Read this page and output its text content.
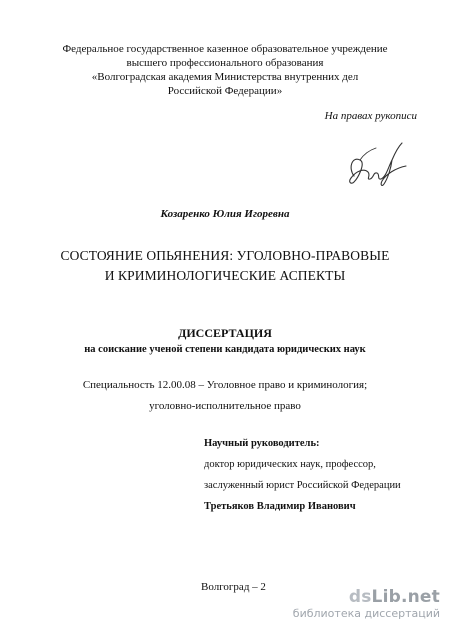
Федеральное государственное казенное образовательное учреждение
высшего профессионального образования
«Волгоградская академия Министерства внутренних дел
Российской Федерации»
На правах рукописи
Козаренко Юлия Игоревна
СОСТОЯНИЕ ОПЬЯНЕНИЯ: УГОЛОВНО-ПРАВОВЫЕ
И КРИМИНОЛОГИЧЕСКИЕ АСПЕКТЫ
ДИССЕРТАЦИЯ
на соискание ученой степени кандидата юридических наук
Специальность 12.00.08 – Уголовное право и криминология;
уголовно-исполнительное право
Научный руководитель:
доктор юридических наук, профессор,
заслуженный юрист Российской Федерации
Третьяков Владимир Иванович
Волгоград – 2	dsLib.net
библиотека диссертаций
